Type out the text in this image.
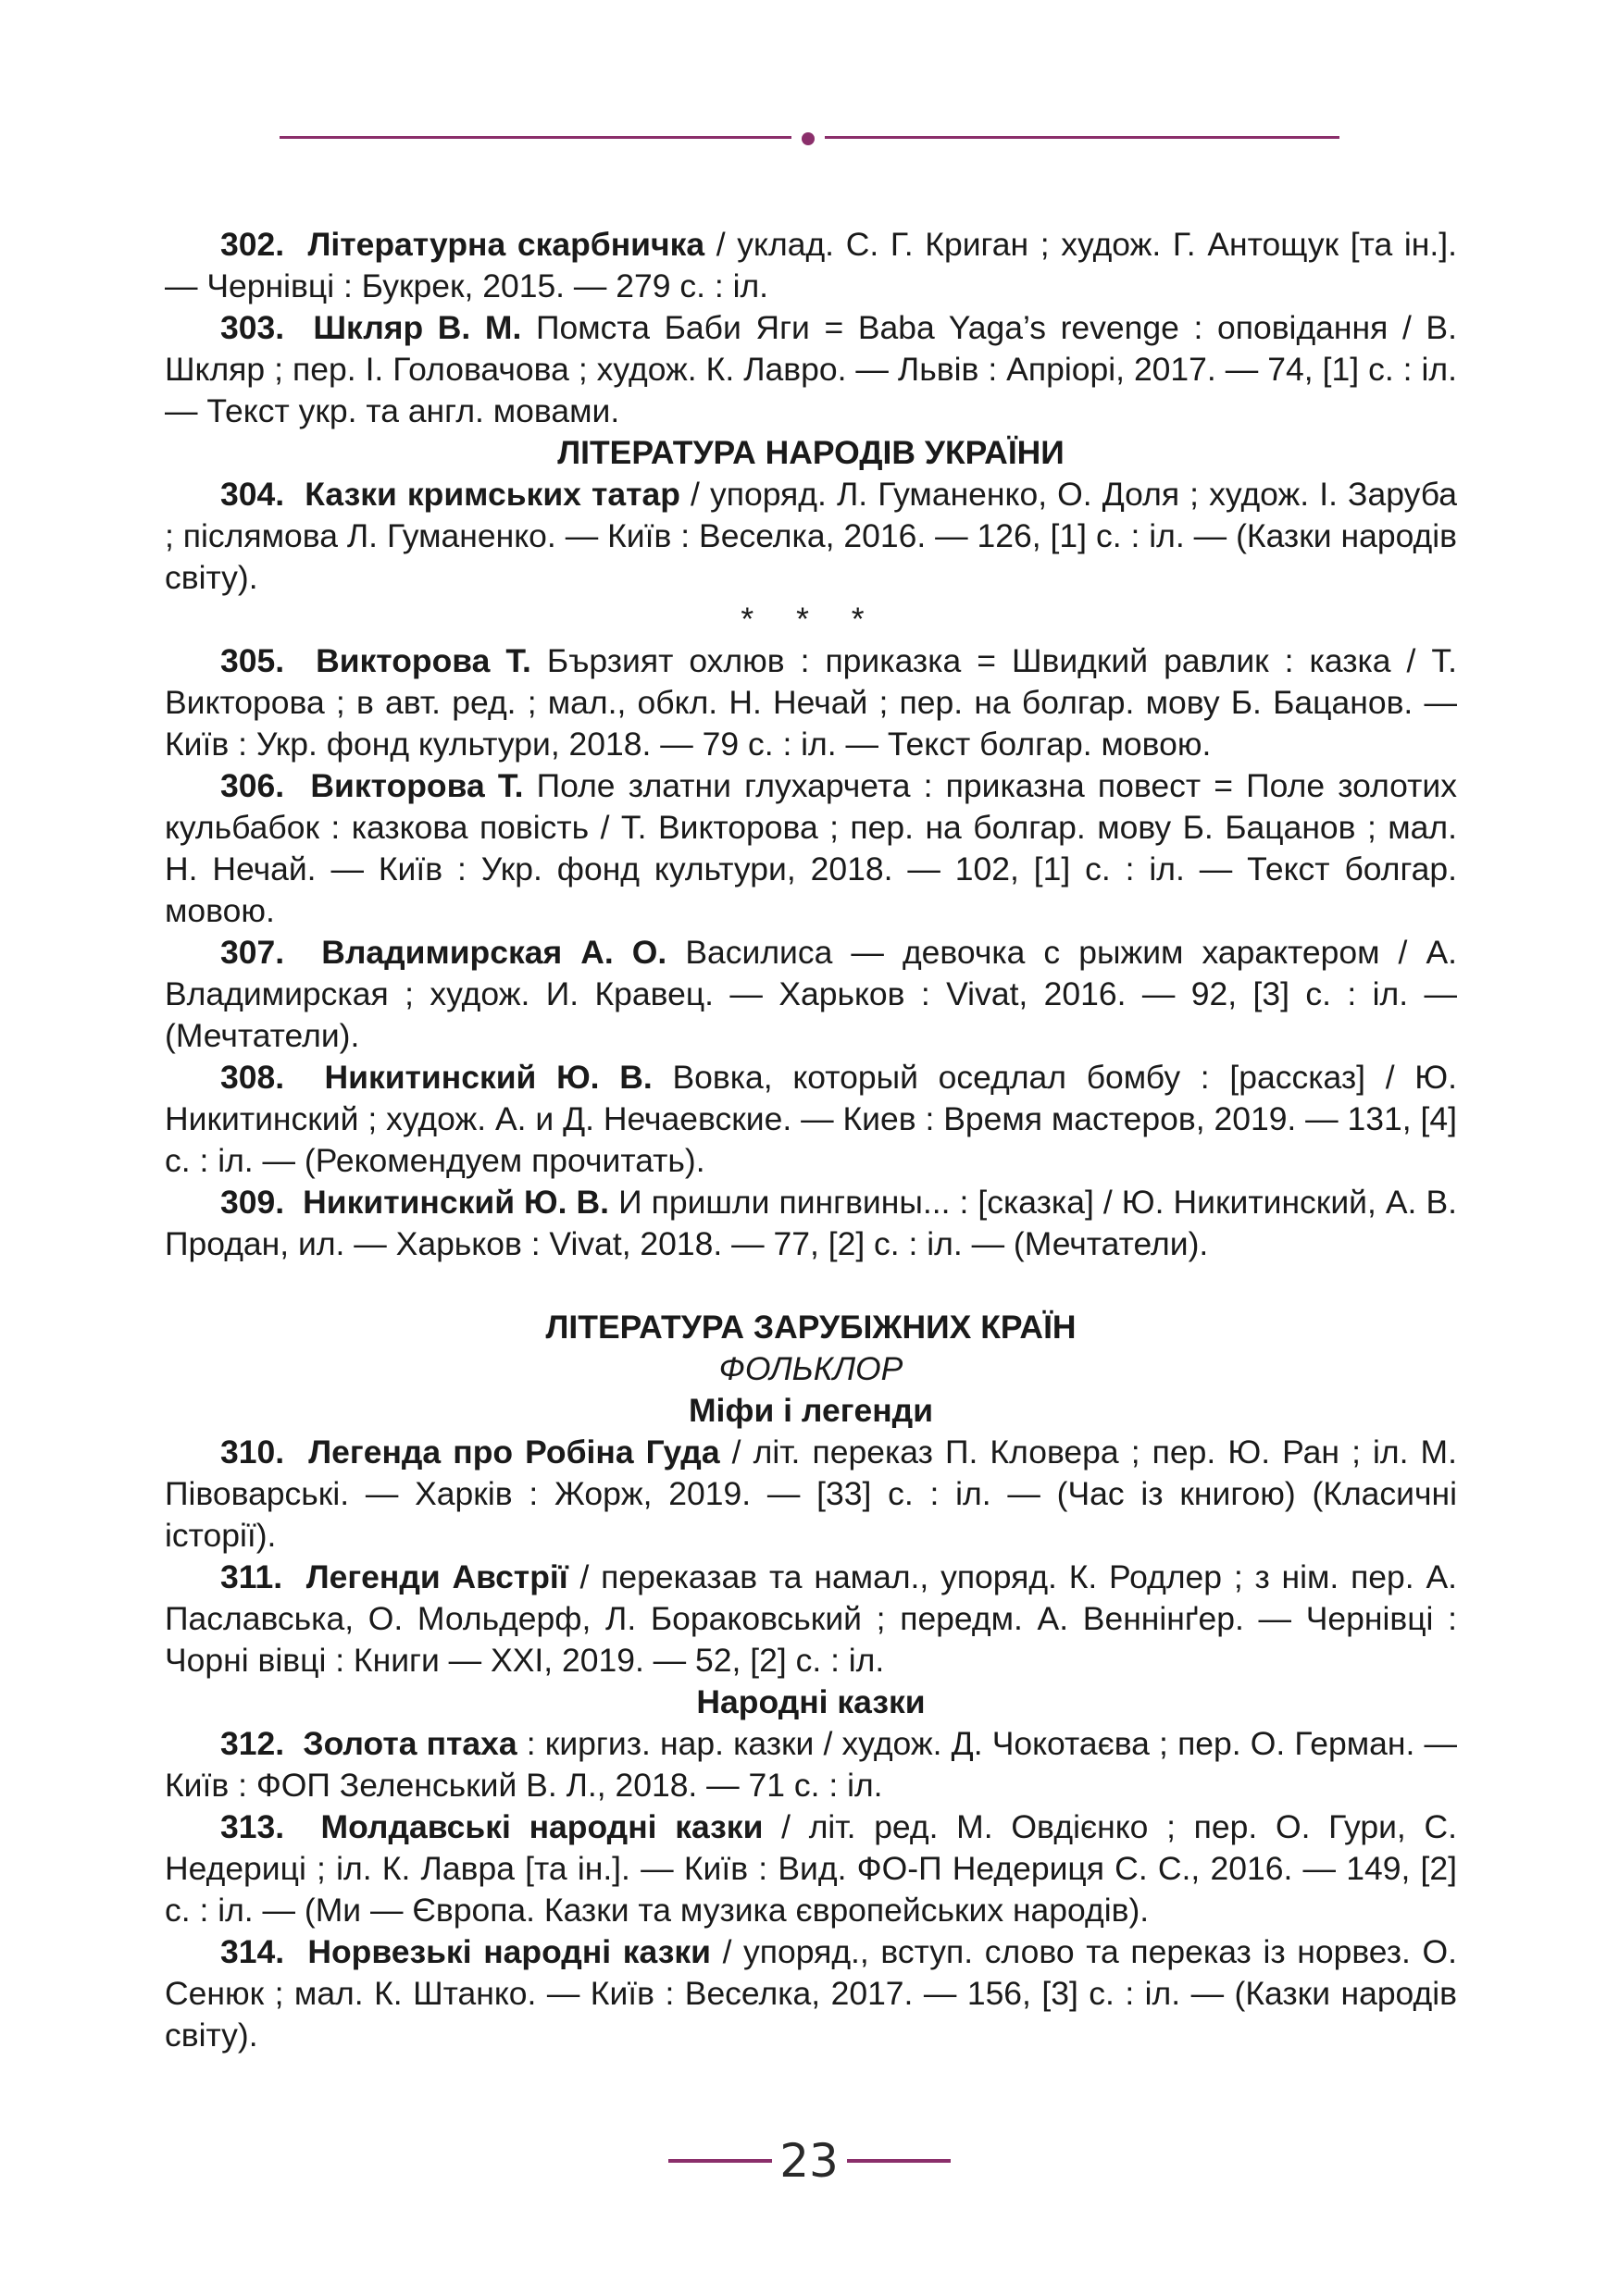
302. Літературна скарбничка / уклад. С. Г. Криган ; худож. Г. Антощук [та ін.]. — Чернівці : Букрек, 2015. — 279 с. : іл.

303. Шкляр В. М. Помста Баби Яги = Baba Yaga’s revenge : оповідання / В. Шкляр ; пер. І. Головачова ; худож. К. Лавро. — Львів : Апріорі, 2017. — 74, [1] с. : іл. — Текст укр. та англ. мовами.

ЛІТЕРАТУРА НАРОДІВ УКРАЇНИ

304. Казки кримських татар / упоряд. Л. Гуманенко, О. Доля ; худож. І. Заруба ; післямова Л. Гуманенко. — Київ : Веселка, 2016. — 126, [1] с. : іл. — (Казки народів світу).

* * *

305. Викторова Т. Бързият охлюв : приказка = Швидкий равлик : казка / Т. Викторова ; в авт. ред. ; мал., обкл. Н. Нечай ; пер. на болгар. мову Б. Бацанов. — Київ : Укр. фонд культури, 2018. — 79 с. : іл. — Текст болгар. мовою.

306. Викторова Т. Поле златни глухарчета : приказна повест = Поле золотих кульбабок : казкова повість / Т. Викторова ; пер. на болгар. мову Б. Бацанов ; мал. Н. Нечай. — Київ : Укр. фонд культури, 2018. — 102, [1] с. : іл. — Текст болгар. мовою.

307. Владимирская А. О. Василиса — девочка с рыжим характером / А. Владимирская ; худож. И. Кравец. — Харьков : Vivat, 2016. — 92, [3] с. : іл. — (Мечтатели).

308. Никитинский Ю. В. Вовка, который оседлал бомбу : [рассказ] / Ю. Никитинский ; худож. А. и Д. Нечаевские. — Киев : Время мастеров, 2019. — 131, [4] с. : іл. — (Рекомендуем прочитать).

309. Никитинский Ю. В. И пришли пингвины... : [сказка] / Ю. Никитинский, А. В. Продан, ил. — Харьков : Vivat, 2018. — 77, [2] с. : іл. — (Мечтатели).

ЛІТЕРАТУРА ЗАРУБІЖНИХ КРАЇН

ФОЛЬКЛОР

Міфи і легенди

310. Легенда про Робіна Гуда / літ. переказ П. Кловера ; пер. Ю. Ран ; іл. М. Півоварські. — Харків : Жорж, 2019. — [33] с. : іл. — (Час із книгою) (Класичні історії).

311. Легенди Австрії / переказав та намал., упоряд. К. Родлер ; з нім. пер. А. Паславська, О. Мольдерф, Л. Бораковський ; передм. А. Веннінґер. — Чернівці : Чорні вівці : Книги — ХХІ, 2019. — 52, [2] с. : іл.

Народні казки

312. Золота птаха : киргиз. нар. казки / худож. Д. Чокотаєва ; пер. О. Герман. — Київ : ФОП Зеленський В. Л., 2018. — 71 с. : іл.

313. Молдавські народні казки / літ. ред. М. Овдієнко ; пер. О. Гури, С. Недериці ; іл. К. Лавра [та ін.]. — Київ : Вид. ФО-П Недериця С. С., 2016. — 149, [2] с. : іл. — (Ми — Європа. Казки та музика європейських народів).

314. Норвезькі народні казки / упоряд., вступ. слово та переказ із норвез. О. Сенюк ; мал. К. Штанко. — Київ : Веселка, 2017. — 156, [3] с. : іл. — (Казки народів світу).

23
